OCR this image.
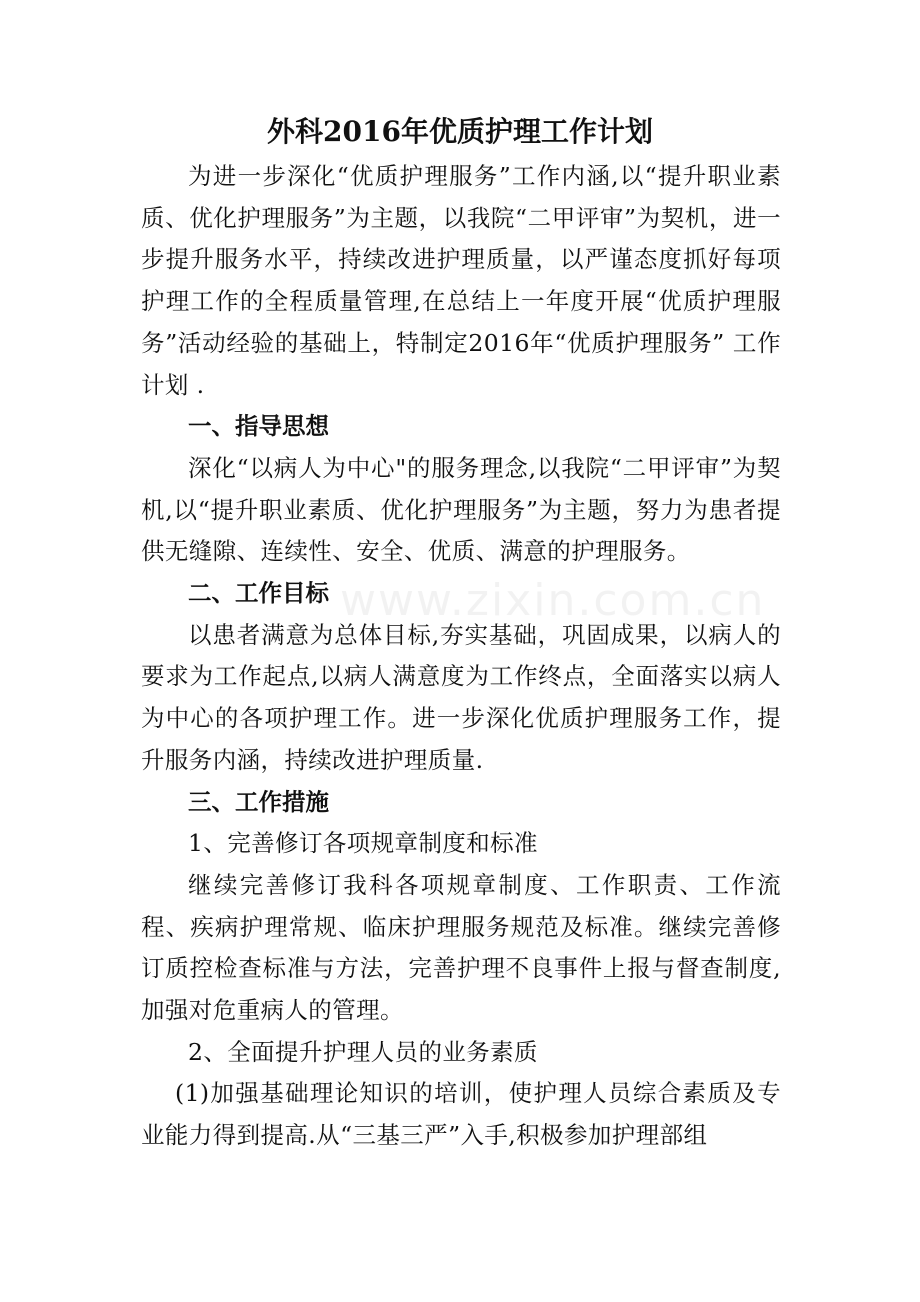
外科2016年优质护理工作计划

为进一步深化“优质护理服务”工作内涵,以“提升职业素质、优化护理服务”为主题，以我院“二甲评审”为契机，进一步提升服务水平，持续改进护理质量，以严谨态度抓好每项护理工作的全程质量管理,在总结上一年度开展“优质护理服务”活动经验的基础上，特制定2016年“优质护理服务” 工作计划 .

一、指导思想

深化“以病人为中心"的服务理念,以我院“二甲评审”为契机,以“提升职业素质、优化护理服务”为主题，努力为患者提供无缝隙、连续性、安全、优质、满意的护理服务。

二、工作目标

以患者满意为总体目标,夯实基础，巩固成果，以病人的要求为工作起点,以病人满意度为工作终点，全面落实以病人为中心的各项护理工作。进一步深化优质护理服务工作，提升服务内涵，持续改进护理质量.

三、工作措施

1、完善修订各项规章制度和标准

继续完善修订我科各项规章制度、工作职责、工作流程、疾病护理常规、临床护理服务规范及标准。继续完善修订质控检查标准与方法，完善护理不良事件上报与督查制度,加强对危重病人的管理。

2、全面提升护理人员的业务素质

(1)加强基础理论知识的培训，使护理人员综合素质及专业能力得到提高.从“三基三严”入手,积极参加护理部组

www.zixin.com.cn
